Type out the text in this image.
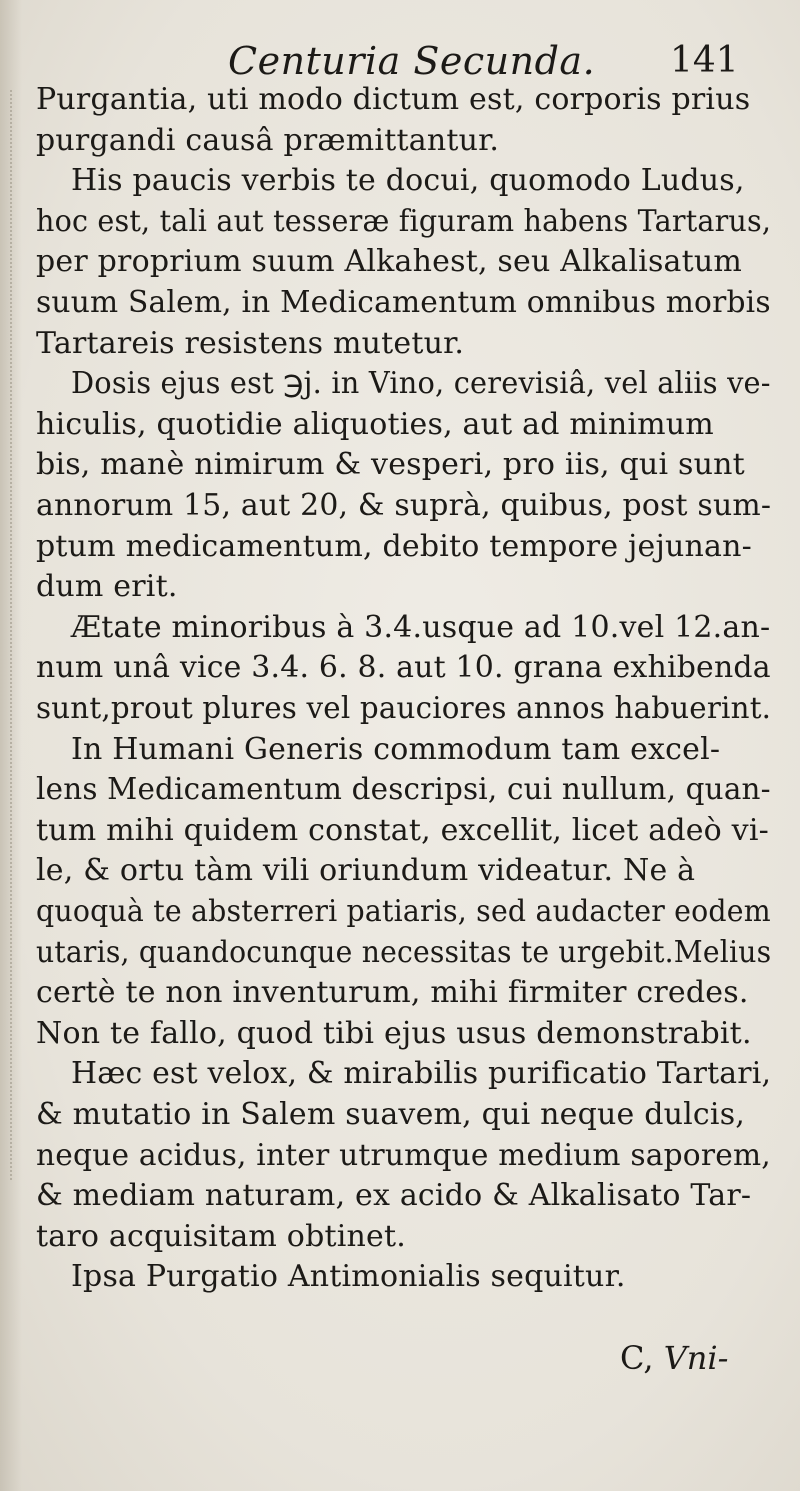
Centuria Secunda. 141
Purgantia, uti modo dictum est, corporis prius
purgandi causâ præmittantur.
His paucis verbis te docui, quomodo Ludus,
hoc est, tali aut tesseræ figuram habens Tartarus,
per proprium suum Alkahest, seu Alkalisatum
suum Salem, in Medicamentum omnibus morbis
Tartareis resistens mutetur.
Dosis ejus est ℈j. in Vino, cerevisiâ, vel aliis ve-
hiculis, quotidie aliquoties, aut ad minimum
bis, manè nimirum & vesperi, pro iis, qui sunt
annorum 15, aut 20, & suprà, quibus, post sum-
ptum medicamentum, debito tempore jejunan-
dum erit.
Ætate minoribus à 3.4.usque ad 10.vel 12.an-
num unâ vice 3.4. 6. 8. aut 10. grana exhibenda
sunt,prout plures vel pauciores annos habuerint.
In Humani Generis commodum tam excel-
lens Medicamentum descripsi, cui nullum, quan-
tum mihi quidem constat, excellit, licet adeò vi-
le, & ortu tàm vili oriundum videatur. Ne à
quoquà te absterreri patiaris, sed audacter eodem
utaris, quandocunque necessitas te urgebit.Melius
certè te non inventurum, mihi firmiter credes.
Non te fallo, quod tibi ejus usus demonstrabit.
Hæc est velox, & mirabilis purificatio Tartari,
& mutatio in Salem suavem, qui neque dulcis,
neque acidus, inter utrumque medium saporem,
& mediam naturam, ex acido & Alkalisato Tar-
taro acquisitam obtinet.
Ipsa Purgatio Antimonialis sequitur.
C, Vni-
